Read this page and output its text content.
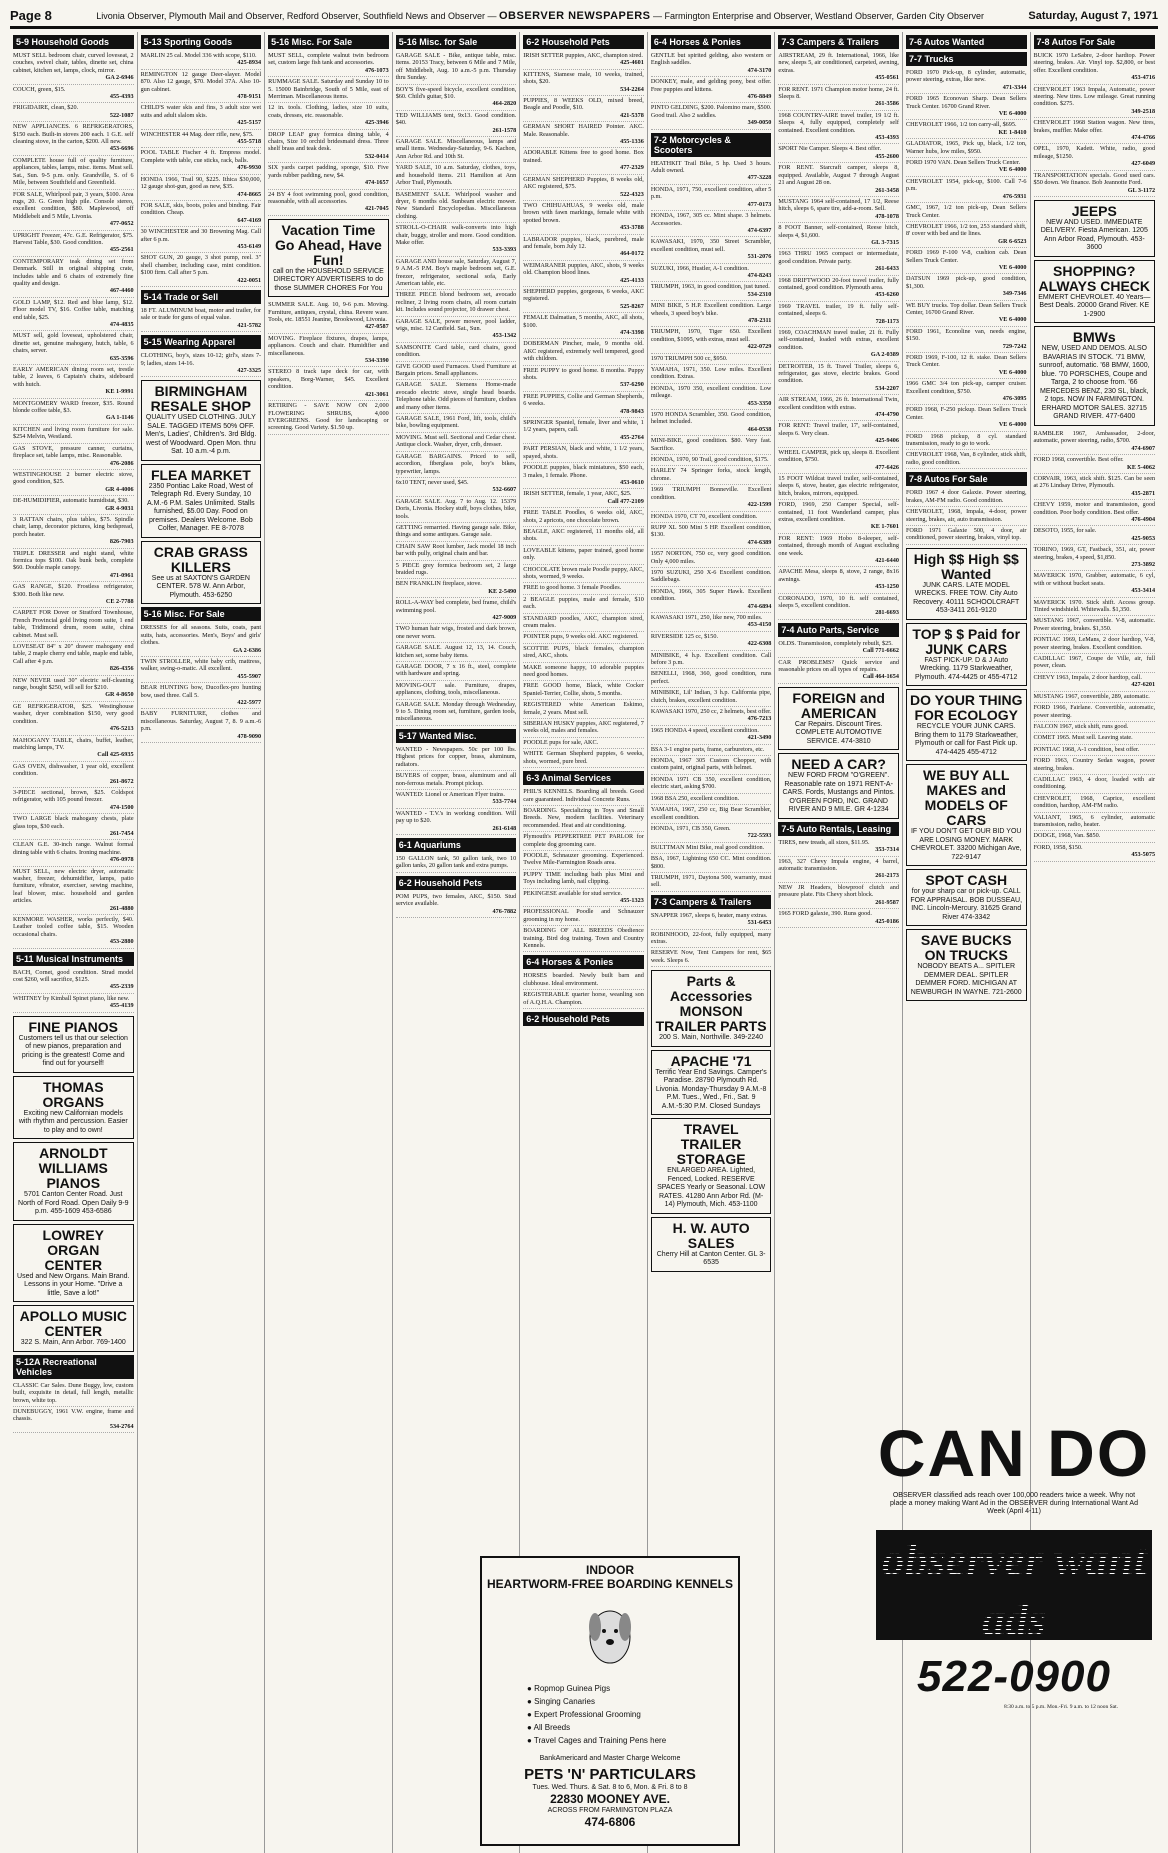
Page 8	Livonia Observer, Plymouth Mail and Observer, Redford Observer, Southfield News and Observer — OBSERVER NEWSPAPERS — Farmington Enterprise and Observer, Westland Observer, Garden City Observer	Saturday, August 7, 1971
5-9 Household Goods
MUST SELL bedroom chair, curved loveseat, 2 couches, swivel chair, tables, dinette set, china cabinet, kitchen set, lamps, clock, mirror.
GA 2-6946
COUCH, green, $15.
455-4393
FRIGIDAIRE, clean, $20.
522-1087
NEW APPLIANCES. 6 REFRIGERATORS, $150 each. Built-in stoves 200 each. 1 G.E. self cleaning stove, in the carton, $200. All new.
453-6696
COMPLETE house full of quality furniture, appliances, tables, lamps, misc. items. Must sell. Sat., Sun. 9-5 p.m. only. Grandville, S. of 6 Mile, between Southfield and Greenfield.
FOR SALE, Whirlpool pair, 3 years, $100. Area rugs, 20. G. Green high pile. Console stereo, excellent condition, $80. Maplewood, off Middlebelt and 5 Mile, Livonia.
477-0652
UPRIGHT Freezer, 47c. G.E. Refrigerator, $75. Harvest Table, $30. Good condition.
455-2561
CONTEMPORARY teak dining set from Denmark. Still in original shipping crate, includes table and 6 chairs of extremely fine quality and design.
467-4460
GOLD LAMP, $12. Red and blue lamp, $12. Floor model TV, $16. Coffee table, matching end table, $25.
474-4835
MUST sell, gold loveseat, upholstered chair, dinette set, genuine mahogany, hutch, table, 6 chairs, server.
635-3596
EARLY AMERICAN dining room set, trestle table, 2 leaves, 6 Captain's chairs, sideboard with hutch.
KE 1-9991
MONTGOMERY WARD freezer, $35. Round blonde coffee table, $3.
GA 1-1146
KITCHEN and living room furniture for sale. $254 Melvin, Westland.
GAS STOVE, pressure canner, curtains, fireplace set, table lamps, misc. Reasonable.
476-2086
WESTINGHOUSE 2 burner electric stove, good condition, $25.
GR 4-4006
DE-HUMIDIFIER, automatic humidistat, $30.
GR 4-9031
3 RATTAN chairs, plus tables, $75. Spindle chair, lamp, decorator pictures, king bedspread, porch heater.
826-7903
TRIPLE DRESSER and night stand, white formica tops $100. Oak bunk beds, complete $60. Double maple canopy.
471-0961
GAS RANGE, $120. Frostless refrigerator, $300. Both like new.
CE 2-7788
CARPET FOR Dover or Stratford Townhouse, French Provincial gold living room suite, 1 end table, Tridimond drum, room suite, china cabinet. Must sell.
LOVESEAT 84" x 20" drawer mahogany end table, 2 maple cherry end table, maple end table, Call after 4 p.m.
826-4356
NEW NEVER used 30" electric self-cleaning range, bought $250, will sell for $210.
GR 4-8650
GE REFRIGERATOR, $25. Westinghouse washer, dryer combination $150, very good condition.
476-5213
MAHOGANY TABLE, chairs, buffet, leather, matching lamps, TV.
Call 425-6935
GAS OVEN, dishwasher, 1 year old, excellent condition.
261-8672
3-PIECE sectional, brown, $25. Coldspot refrigerator, with 105 pound freezer.
474-1500
TWO LARGE black mahogany chests, plate glass tops, $30 each.
261-7454
CLEAN G.E. 30-inch range. Walnut formal dining table with 6 chairs. Ironing machine.
476-0978
MUST SELL, new electric dryer, automatic washer, freezer, dehumidifier, lamps, patio furniture, vibrator, exerciser, sewing machine, leaf blower, misc. household and garden articles.
261-4880
KENMORE WASHER, works perfectly, $40. Leather tooled coffee table, $15. Wooden occasional chairs.
453-2880
5-11 Musical Instruments
BACH, Cornet, good condition. Strad model cost $260, will sacrifice, $125.
455-2339
WHITNEY by Kimball Spinet piano, like new.
455-4139
FINE PIANOS
Customers tell us that our selection of new pianos, preparation and pricing is the greatest! Come and find out for yourself!
THOMAS ORGANS
Exciting new Californian models with rhythm and percussion. Easier to play and to own!
ARNOLDT WILLIAMS PIANOS
5701 Canton Center Road. Just North of Ford Road. Open Daily 9-9 p.m. 455-1609 453-6586
LOWREY ORGAN CENTER
Used and New Organs. Main Brand. Lessons in your Home. "Drive a little, Save a lot!"
APOLLO MUSIC CENTER
322 S. Main, Ann Arbor. 769-1400
5-12A Recreational Vehicles
CLASSIC Car Sales. Dune Buggy, low, custom built, exquisite in detail, full length, metallic brown, white top.
DUNEBUGGY, 1961 V.W. engine, frame and chassis.
534-2764
5-13 Sporting Goods
MARLIN 25 cal. Model 336 with scope, $110.
425-8934
REMINGTON 12 gauge Deer-slayer. Model 870. Also 12 gauge, $70. Model 37A. Also 10-gun cabinet.
478-9151
CHILD'S water skis and fins, 3 adult size wet suits and adult slalom skis.
425-5157
WINCHESTER 44 Mag. deer rifle, new, $75.
455-5718
POOL TABLE Fischer 4 ft. Empress model. Complete with table, cue sticks, rack, balls.
476-9930
HONDA 1966, Trail 90, $225. Ithica $30,000, 12 gauge shot-gun, good as new, $35.
474-8665
FOR SALE, skis, boots, poles and binding. Fair condition. Cheap.
647-4169
30 WINCHESTER and 30 Browning Mag. Call after 6 p.m.
453-6149
SHOT GUN, 20 gauge, 3 shot pump, reel. 3" shell chamber, including case, mint condition. $100 firm. Call after 5 p.m.
422-0051
5-14 Trade or Sell
18 FT. ALUMINUM boat, motor and trailer, for sale or trade for guns of equal value.
421-5782
5-15 Wearing Apparel
CLOTHING, boy's, sizes 10-12; girl's, sizes 7-9; ladies, sizes 14-16.
427-3325
BIRMINGHAM RESALE SHOP
QUALITY USED CLOTHING. JULY SALE. TAGGED ITEMS 50% OFF. Men's, Ladies', Children's. 3rd Bldg. west of Woodward. Open Mon. thru Sat. 10 a.m.-4 p.m.
FLEA MARKET
2350 Pontiac Lake Road, West of Telegraph Rd. Every Sunday, 10 A.M.-6 P.M. Sales Unlimited. Stalls furnished, $5.00 Day. Food on premises. Dealers Welcome. Bob Colfer, Manager. FE 8-7078
CRAB GRASS KILLERS
See us at SAXTON'S GARDEN CENTER. 578 W. Ann Arbor, Plymouth. 453-6250
5-16 Misc. For Sale
DRESSES for all seasons. Suits, coats, pant suits, hats, accessories. Men's, Boys' and girls' clothes.
GA 2-6386
TWIN STROLLER, white baby crib, mattress, walker, swing-o-matic. All excellent.
455-5907
BEAR HUNTING bow, Ducoflex-pro hunting bow, used three. Call 5.
422-5977
BABY FURNITURE, clothes and miscellaneous. Saturday, August 7, 8. 9 a.m.-6 p.m.
478-9090
5-16 Misc. For Sale
MUST SELL, complete walnut twin bedroom set, custom large fish tank and accessories.
476-1073
RUMMAGE SALE. Saturday and Sunday 10 to 5. 15000 Bainbridge, South of 5 Mile, east of Merriman. Miscellaneous items.
12 in. tools. Clothing, ladies, size 10 suits, coats, dresses, etc. reasonable.
425-3946
DROP LEAF gray formica dining table, 4 chairs, Size 10 orchid bridesmaid dress. Three shelf brass and teak desk.
532-0414
SIX yards carpet padding, sponge, $10. Five yards rubber padding, new, $4.
474-1657
24 BY 4 foot swimming pool, good condition, reasonable, with all accessories.
421-7045
Vacation Time Go Ahead, Have Fun!
call on the HOUSEHOLD SERVICE DIRECTORY ADVERTISERS to do those SUMMER CHORES For You
SUMMER SALE. Aug. 10, 9-6 p.m. Moving. Furniture, antiques, crystal, china. Revere ware. Tools, etc. 18551 Jeanine, Brookwood, Livonia.
427-0587
MOVING. Fireplace fixtures, drapes, lamps, appliances. Couch and chair. Humidifier and miscellaneous.
534-3390
STEREO 8 track tape deck for car, with speakers, Borg-Warner, $45. Excellent condition.
421-3061
RETIRING - SAVE NOW ON 2,000 FLOWERING SHRUBS, 4,000 EVERGREENS. Good for landscaping or screening. Good Variety. $1.50 up.
5-16 Misc. for Sale
GARAGE SALE - Bike, antique table, misc. items. 20153 Tracy, between 6 Mile and 7 Mile, off Middlebelt, Aug. 10 a.m.-5 p.m. Thursday thru Sunday.
BOY'S five-speed bicycle, excellent condition, $60. Child's guitar, $10.
464-2820
TED WILLIAMS tent, 9x13. Good condition. $40.
261-1578
GARAGE SALE. Miscellaneous, lamps and small items. Wednesday-Saturday, 9-6. Kachon, Ann Arbor Rd. and 10th St.
YARD SALE, 10 a.m. Saturday, clothes, toys, and household items. 211 Hamilton at Ann Arbor Trail, Plymouth.
BASEMENT SALE. Whirlpool washer and dryer, 6 months old. Sunbeam electric mower. New Standard Encyclopedias. Miscellaneous clothing.
STROLL-O-CHAIR walk-converts into high chair, buggy, stroller and more. Good condition. Make offer.
533-3393
GARAGE AND house sale, Saturday, August 7, 9 A.M.-5 P.M. Boy's maple bedroom set, G.E. freezer, refrigerator, sectional sofa, Early American table, etc.
THREE PIECE blond bedroom set, avocado recliner, 2 living room chairs, all room curtain kit. Includes sound projector, 10 drawer chest.
GARAGE SALE, power mower, pool ladder, wigs, misc. 12 Canfield. Sat., Sun.
453-1342
SAMSONITE Card table, card chairs, good condition.
GIVE GOOD used Furnaces. Used Furniture at Bargain prices. Small appliances.
GARAGE SALE. Siemens Home-made avocado electric stove, single head boards. Telephone table. Odd pieces of furniture, clothes and many other items.
GARAGE SALE, 1961 Ford, lift, tools, child's bike, bowling equipment.
MOVING. Must sell. Sectional and Cedar chest. Antique clock. Washer, dryer, crib, dresser.
GARAGE BARGAINS. Priced to sell, accordion, fiberglass pole, boy's bikes, typewriter, lamps.
6x10 TENT, never used, $45.
532-6607
GARAGE SALE. Aug. 7 to Aug. 12. 15379 Doris, Livonia. Hockey stuff, boys clothes, bike, tools.
GETTING remarried. Having garage sale. Bike, things and some antiques. Garage sale.
CHAIN SAW Root lumber, Jack model 18 inch bar with pully, original chain and bar.
5 PIECE grey formica bedroom set, 2 large braided rugs.
BEN FRANKLIN fireplace, stove.
KE 2-5490
ROLL-A-WAY bed complete, bed frame, child's swimming pool.
427-9009
TWO human hair wigs, frosted and dark brown, one never worn.
GARAGE SALE. August 12, 13, 14. Couch, kitchen set, some baby items.
GARAGE DOOR, 7 x 16 ft., steel, complete with hardware and spring.
MOVING-OUT sale. Furniture, drapes, appliances, clothing, tools, miscellaneous.
GARAGE SALE. Monday through Wednesday, 9 to 5. Dining room set, furniture, garden tools, miscellaneous.
5-17 Wanted Misc.
WANTED - Newspapers. 50c per 100 lbs. Highest prices for copper, brass, aluminum, radiators.
BUYERS of copper, brass, aluminum and all non-ferrous metals. Prompt pickup.
WANTED: Lionel or American Flyer trains.
533-7744
WANTED - T.V.'s in working condition. Will pay up to $20.
261-6148
6-1 Aquariums
150 GALLON tank, 50 gallon tank, two 10 gallon tanks, 20 gallon tank and extra pumps.
6-2 Household Pets
POM PUPS, two females, AKC, $150. Stud service available.
476-7882
6-2 Household Pets
IRISH SETTER puppies, AKC, champion sired.
425-4601
KITTENS, Siamese male, 10 weeks, trained, shots, $20.
534-2264
PUPPIES, 8 WEEKS OLD, mixed breed, Beagle and Poodle, $10.
421-5378
GERMAN SHORT HAIRED Pointer. AKC. Male. Reasonable.
455-1336
ADORABLE Kittens free to good home. Box trained.
477-2329
GERMAN SHEPHERD Puppies, 8 weeks old, AKC registered, $75.
522-4323
TWO CHIHUAHUAS, 9 weeks old, male brown with fawn markings, female white with spotted brown.
453-3788
LABRADOR puppies, black, purebred, male and female, born July 12.
464-0172
WEIMARANER puppies, AKC, shots, 9 weeks old. Champion blood lines.
425-4133
SHEPHERD puppies, gorgeous, 6 weeks, AKC registered.
525-8267
FEMALE Dalmatian, 5 months, AKC, all shots, $100.
474-3398
DOBERMAN Pincher, male, 9 months old. AKC registered, extremely well tempered, good with children.
FREE PUPPY to good home. 8 months. Puppy shots.
537-6290
FREE PUPPIES, Collie and German Shepherds, 6 weeks.
478-9843
SPRINGER Spaniel, female, liver and white, 1 1/2 years, papers, call.
455-2764
PART PERSIAN, black and white, 1 1/2 years, spayed, shots.
POODLE puppies, black miniatures, $50 each, 3 males, 1 female. Phone.
453-0610
IRISH SETTER, female, 1 year, AKC, $25.
Call 477-2109
FREE TABLE Poodles, 6 weeks old, AKC, shots, 2 apricots, one chocolate brown.
BEAGLE, AKC registered, 11 months old, all shots.
LOVEABLE kittens, paper trained, good home only.
CHOCOLATE brown male Poodle puppy, AKC, shots, wormed, 9 weeks.
FREE to good home. 3 female Poodles.
2 BEAGLE puppies, male and female, $10 each.
STANDARD poodles, AKC, champion sired, cream males.
POINTER pups, 9 weeks old. AKC registered.
SCOTTIE PUPS, black females, champion sired, AKC, shots.
MAKE someone happy, 10 adorable puppies need good homes.
FREE GOOD home, Black, white Cocker Spaniel-Terrier, Collie, shots, 5 months.
REGISTERED white American Eskimo, female, 2 years. Must sell.
SIBERIAN HUSKY puppies, AKC registered, 7 weeks old, males and females.
POODLE pups for sale, AKC.
WHITE German Shepherd puppies, 6 weeks, shots, wormed, pure bred.
6-3 Animal Services
PHIL'S KENNELS. Boarding all breeds. Good care guaranteed. Individual Concrete Runs.
BOARDING. Specializing in Toys and Small Breeds. New, modern facilities. Veterinary recommended. Heat and air conditioning.
Plymouth's PEPPERTREE PET PARLOR for complete dog grooming care.
POODLE, Schnauzer grooming. Experienced. Twelve Mile-Farmington Roads area.
PUPPY TIME including bath plus Mini and Toys including lamb, nail clipping.
PEKINGESE available for stud service.
455-1323
PROFESSIONAL Poodle and Schnauzer grooming in my home.
BOARDING OF ALL BREEDS Obedience training. Bird dog training. Town and Country Kennels.
6-4 Horses & Ponies
HORSES boarded. Newly built barn and clubhouse. Ideal environment.
REGISTERABLE quarter horse, weanling son of A.Q.H.A. Champion.
6-2 Household Pets
6-4 Horses & Ponies
GENTLE but spirited gelding, also western or English saddles.
474-3170
DONKEY, male, and gelding pony, best offer. Free puppies and kittens.
476-8849
PINTO GELDING, $200. Palomino mare, $500. Good trail. Also 2 saddles.
349-0050
7-2 Motorcycles & Scooters
HEATHKIT Trail Bike, 5 hp. Used 3 hours. Adult owned.
477-3228
HONDA, 1971, 750, excellent condition, after 5 p.m.
477-0173
HONDA, 1967, 305 cc. Mint shape. 3 helmets. Accessories.
474-6397
KAWASAKI, 1970, 350 Street Scrambler, excellent condition, must sell.
531-2076
SUZUKI, 1966, Hustler, A-1 condition.
474-8243
TRIUMPH, 1963, in good condition, just tuned.
534-2310
MINI BIKE, 5 H.P. Excellent condition. Large wheels, 3 speed boy's bike.
478-2311
TRIUMPH, 1970, Tiger 650. Excellent condition, $1095, with extras, must sell.
422-0729
1970 TRIUMPH 500 cc, $950.
YAMAHA, 1971, 350. Low miles. Excellent condition. Extras.
HONDA, 1970 350, excellent condition. Low mileage.
453-3350
1970 HONDA Scrambler, 350. Good condition, helmet included.
464-0538
MINI-BIKE, good condition. $80. Very fast. Sacrifice.
HONDA, 1970, 90 Trail, good condition, $175.
HARLEY 74 Springer forks, stock length, chrome.
1969 TRIUMPH Bonneville. Excellent condition.
422-1599
HONDA 1970, CT 70, excellent condition.
RUPP XL 500 Mini 5 HP. Excellent condition, $130.
474-6389
1957 NORTON, 750 cc, very good condition. Only 4,000 miles.
1970 SUZUKI, 250 X-6 Excellent condition. Saddlebags.
HONDA, 1966, 305 Super Hawk. Excellent condition.
474-6894
KAWASAKI 1971, 250, like new, 700 miles.
453-4150
RIVERSIDE 125 cc, $150.
422-6308
MINIBIKE, 4 h.p. Excellent condition. Call before 3 p.m.
BENELLI, 1968, 360, good condition, runs perfect.
MINIBIKE, Lil' Indian, 3 h.p. California pipe, clutch, brakes, excellent condition.
KAWASAKI 1970, 250 cc, 2 helmets, best offer.
476-7213
1965 HONDA 4 speed, excellent condition.
421-3490
BSA 3-1 engine parts, frame, carburetors, etc.
HONDA, 1967 305 Custom Chopper, with custom paint, original parts, with helmet.
HONDA 1971 CB 350, excellent condition, electric start, asking $700.
1968 BSA 250, excellent condition.
YAMAHA, 1967, 250 cc, Big Bear Scrambler, excellent condition.
HONDA, 1971, CB 350, Green.
722-5593
BULTTMAN Mini Bike, real good condition.
BSA, 1967, Lightning 650 CC. Mint condition. $800.
TRIUMPH, 1971, Daytona 500, warranty, must sell.
7-3 Campers & Trailers
SNAPPER 1967, sleeps 6, heater, many extras.
531-6453
ROBINHOOD, 22-foot, fully equipped, many extras.
RESERVE Now, Tent Campers for rent, $65 week. Sleeps 6.
Parts & Accessories MONSON TRAILER PARTS
200 S. Main, Northville. 349-2240
APACHE '71
Terrific Year End Savings. Camper's Paradise. 28790 Plymouth Rd. Livonia. Monday-Thursday 9 A.M.-8 P.M. Tues., Wed., Fri., Sat. 9 A.M.-5:30 P.M. Closed Sundays
TRAVEL TRAILER STORAGE
ENLARGED AREA. Lighted, Fenced, Locked. RESERVE SPACES Yearly or Seasonal. LOW RATES. 41280 Ann Arbor Rd. (M-14) Plymouth, Mich. 453-1100
H. W. AUTO SALES
Cherry Hill at Canton Center. GL 3-6535
7-3 Campers & Trailers
AIRSTREAM, 29 ft. International, 1966, like new, sleeps 5, air conditioned, carpeted, awning, extras.
455-0561
FOR RENT. 1971 Champion motor home, 24 ft. Sleeps 8.
261-3586
1968 COUNTRY-AIRE travel trailer, 19 1/2 ft. Sleeps 4, fully equipped, completely self contained. Excellent condition.
453-4393
SPORT Nie Camper. Sleeps 4. Best offer.
455-2600
FOR RENT. Starcraft camper, sleeps 8, equipped. Available, August 7 through August 21 and August 28 on.
261-3458
MUSTANG 1964 self-contained, 17 1/2, Reese hitch, sleeps 6, spare tire, add-a-room. Sell.
478-1078
8 FOOT Banner, self-contained, Reese hitch, sleeps 4, $1,600.
GL 3-7315
1963 THRU 1965 compact or intermediate, good condition. Private party.
261-6433
1968 DRIFTWOOD 20-foot travel trailer, fully contained, good condition. Plymouth area.
453-6260
1969 TRAVEL trailer, 19 ft. fully self-contained, sleeps 6.
728-1173
1969, COACHMAN travel trailer, 21 ft. Fully self-contained, loaded with extras, excellent condition.
GA 2-0389
DETROITER, 15 ft. Travel Trailer, sleeps 6, refrigerator, gas stove, electric brakes. Good condition.
534-2207
AIR STREAM, 1966, 26 ft. International Twin, excellent condition with extras.
474-4790
FOR RENT: Travel trailer, 17', self-contained, sleeps 6. Very clean.
425-9406
WHEEL CAMPER, pick up, sleeps 8. Excellent condition, $750.
477-6426
15 FOOT Wildcat travel trailer, self-contained, sleeps 6, stove, heater, gas electric refrigerator, hitch, brakes, mirrors, equipped.
FORD, 1969, 250 Camper Special, self-contained, 11 foot Wanderland camper, plus extras, excellent condition.
KE 1-7601
FOR RENT: 1969 Hobo 8-sleeper, self-contained, through month of August excluding one week.
421-6440
APACHE Mesa, sleeps 8, stove, 2 range, 8x16 awnings.
453-1250
CORONADO, 1970, 10 ft. self contained, sleeps 5, excellent condition.
281-6693
7-4 Auto Parts, Service
OLDS. Transmission, completely rebuilt, $25.
Call 771-6662
CAR PROBLEMS? Quick service and reasonable prices on all types of repairs.
Call 464-1654
FOREIGN and AMERICAN
Car Repairs. Discount Tires. COMPLETE AUTOMOTIVE SERVICE. 474-3810
NEED A CAR?
NEW FORD FROM "O'GREEN". Reasonable rate on 1971 RENT-A-CARS. Fords, Mustangs and Pintos. O'GREEN FORD, INC. GRAND RIVER AND 9 MILE. GR 4-1234
7-5 Auto Rentals, Leasing
TIRES, new treads, all sizes, $11.95.
353-7314
1963, 327 Chevy Impala engine, 4 barrel, automatic transmission.
261-2173
NEW JR Headers, blowproof clutch and pressure plate. Fits Chevy short block.
261-9587
1965 FORD galaxie, 390. Runs good.
425-0186
7-6 Autos Wanted
7-7 Trucks
FORD 1970 Pick-up, 8 cylinder, automatic, power steering, extras, like new.
471-3344
FORD 1965 Econovan Sharp. Dean Sellers Truck Center. 16700 Grand River.
VE 6-4000
CHEVROLET 1966, 1/2 ton carry-all, $695.
KE 1-8410
GLADIATOR, 1965, Pick up, black, 1/2 ton, Warner hubs, low miles, $950.
FORD 1970 VAN. Dean Sellers Truck Center.
VE 6-4000
CHEVROLET 1954, pick-up, $100. Call 7-6 p.m.
476-5931
GMC, 1967, 1/2 ton pick-up, Dean Sellers Truck Center.
CHEVROLET 1966, 1/2 ton, 253 standard shift, 8' cover with bed and tie lines.
GR 6-6523
FORD 1969 F-100 V-8, cushion cab. Dean Sellers Truck Center.
VE 6-4000
DATSUN 1969 pick-up, good condition, $1,300.
349-7346
WE BUY trucks. Top dollar. Dean Sellers Truck Center, 16700 Grand River.
VE 6-4000
FORD 1961, Econoline van, needs engine, $150.
729-7242
FORD 1969, F-100, 12 ft. stake. Dean Sellers Truck Center.
VE 6-4000
1966 GMC 3/4 ton pick-up, camper cruiser. Excellent condition, $750.
476-3095
FORD 1968, F-250 pickup. Dean Sellers Truck Center.
VE 6-4000
FORD 1968 pickup, 8 cyl. standard transmission, ready to go to work.
CHEVROLET 1968, Van, 8 cylinder, stick shift, radio, good condition.
7-8 Autos For Sale
FORD 1967 4 door Galaxie. Power steering, brakes, AM-FM radio. Good condition.
CHEVROLET, 1968, Impala, 4-door, power steering, brakes, air, auto transmission.
FORD 1971 Galaxie 500, 4 door, air conditioned, power steering, brakes, vinyl top.
High $$ High $$ Wanted
JUNK CARS. LATE MODEL WRECKS. FREE TOW. City Auto Recovery. 40111 SCHOOLCRAFT 453-3411 261-9120
TOP $ $ Paid for JUNK CARS
FAST PICK-UP. D & J Auto Wrecking. 1179 Starkweather, Plymouth. 474-4425 or 455-4712
DO YOUR THING FOR ECOLOGY
RECYCLE YOUR JUNK CARS. Bring them to 1179 Starkweather, Plymouth or call for Fast Pick up. 474-4425 455-4712
WE BUY ALL MAKES and MODELS OF CARS
IF YOU DON'T GET OUR BID YOU ARE LOSING MONEY. MARK CHEVROLET. 33200 Michigan Ave, 722-9147
SPOT CASH
for your sharp car or pick-up. CALL FOR APPRAISAL. BOB DUSSEAU, INC. Lincoln-Mercury. 31625 Grand River 474-3342
SAVE BUCKS ON TRUCKS
NOBODY BEATS A... SPITLER DEMMER DEAL. SPITLER DEMMER FORD. MICHIGAN AT NEWBURGH IN WAYNE. 721-2600
7-8 Autos For Sale
BUICK 1970 LeSabre, 2-door hardtop. Power steering, brakes. Air. Vinyl top. $2,800, or best offer. Excellent condition.
453-4716
CHEVROLET 1963 Impala, Automatic, power steering. New tires. Low mileage. Great running condition. $275.
349-2518
CHEVROLET 1968 Station wagon. New tires, brakes, muffler. Make offer.
474-4766
OPEL, 1970, Kadett. White, radio, good mileage, $1250.
427-6049
TRANSPORTATION specials. Good used cars. $50 down. We finance. Bob Jeannotte Ford.
GL 3-1172
JEEPS
NEW AND USED. IMMEDIATE DELIVERY. Fiesta American. 1205 Ann Arbor Road, Plymouth. 453-3600
SHOPPING? ALWAYS CHECK
EMMERT CHEVROLET. 40 Years—Best Deals. 20000 Grand River. KE 1-2900
BMWs
NEW, USED AND DEMOS. ALSO BAVARIAS IN STOCK. '71 BMW, sunroof, automatic. '68 BMW, 1600, blue. '70 PORSCHES, Coupe and Targa, 2 to choose from. '66 MERCEDES BENZ, 230 SL, black, 2 tops. NOW IN FARMINGTON. ERHARD MOTOR SALES. 32715 GRAND RIVER. 477-6400
RAMBLER 1967, Ambassador, 2-door, automatic, power steering, radio, $700.
474-6907
FORD 1968, convertible. Best offer.
KE 5-4062
CORVAIR, 1963, stick shift. $125. Can be seen at 276 Lindsay Drive, Plymouth.
435-2871
CHEVY 1959, motor and transmission, good condition. Poor body condition. Best offer.
476-4904
DESOTO, 1955, for sale.
425-9053
TORINO, 1969, GT, Fastback, 351, air, power steering, brakes, 4 speed, $1,850.
273-3892
MAVERICK 1970, Grabber, automatic, 6 cyl, with or without bucket seats.
453-3414
MAVERICK 1970. Stick shift. Access group. Tinted windshield. Whitewalls. $1,350.
MUSTANG 1967, convertible. V-8, automatic. Power steering, brakes. $1,350.
PONTIAC 1969, LeMans, 2 door hardtop, V-8, power steering, brakes. Excellent condition.
CADILLAC 1967, Coupe de Ville, air, full power, clean.
CHEVY 1963, Impala, 2 door hardtop, call.
427-6201
MUSTANG 1967, convertible, 289, automatic.
FORD 1966, Fairlane. Convertible, automatic, power steering.
FALCON 1967, stick shift, runs good.
COMET 1965. Must sell. Leaving state.
PONTIAC 1968, A-1 condition, best offer.
FORD 1963, Country Sedan wagon, power steering, brakes.
CADILLAC 1963, 4 door, loaded with air conditioning.
CHEVROLET, 1968, Caprice, excellent condition, hardtop, AM-FM radio.
VALIANT, 1965, 6 cylinder, automatic transmission, radio, heater.
DODGE, 1968, Van. $850.
FORD, 1958, $150.
453-5075
INDOOR
HEARTWORM-FREE BOARDING KENNELS
● Ropmop Guinea Pigs
● Singing Canaries
● Expert Professional Grooming
● All Breeds
● Travel Cages and Training Pens here
BankAmericard and Master Charge Welcome
PETS 'N' PARTICULARS
Tues. Wed. Thurs. & Sat. 8 to 6, Mon. & Fri. 8 to 8
22830 MOONEY AVE.
ACROSS FROM FARMINGTON PLAZA
474-6806
CAN DO
OBSERVER classified ads reach over 100,000 readers twice a week. Why not place a money making Want Ad in the OBSERVER during International Want Ad Week (April 4-11)
observer want ads
522-0900
8:30 a.m. to 5 p.m. Mon.-Fri. 9 a.m. to 12 noon Sat.
